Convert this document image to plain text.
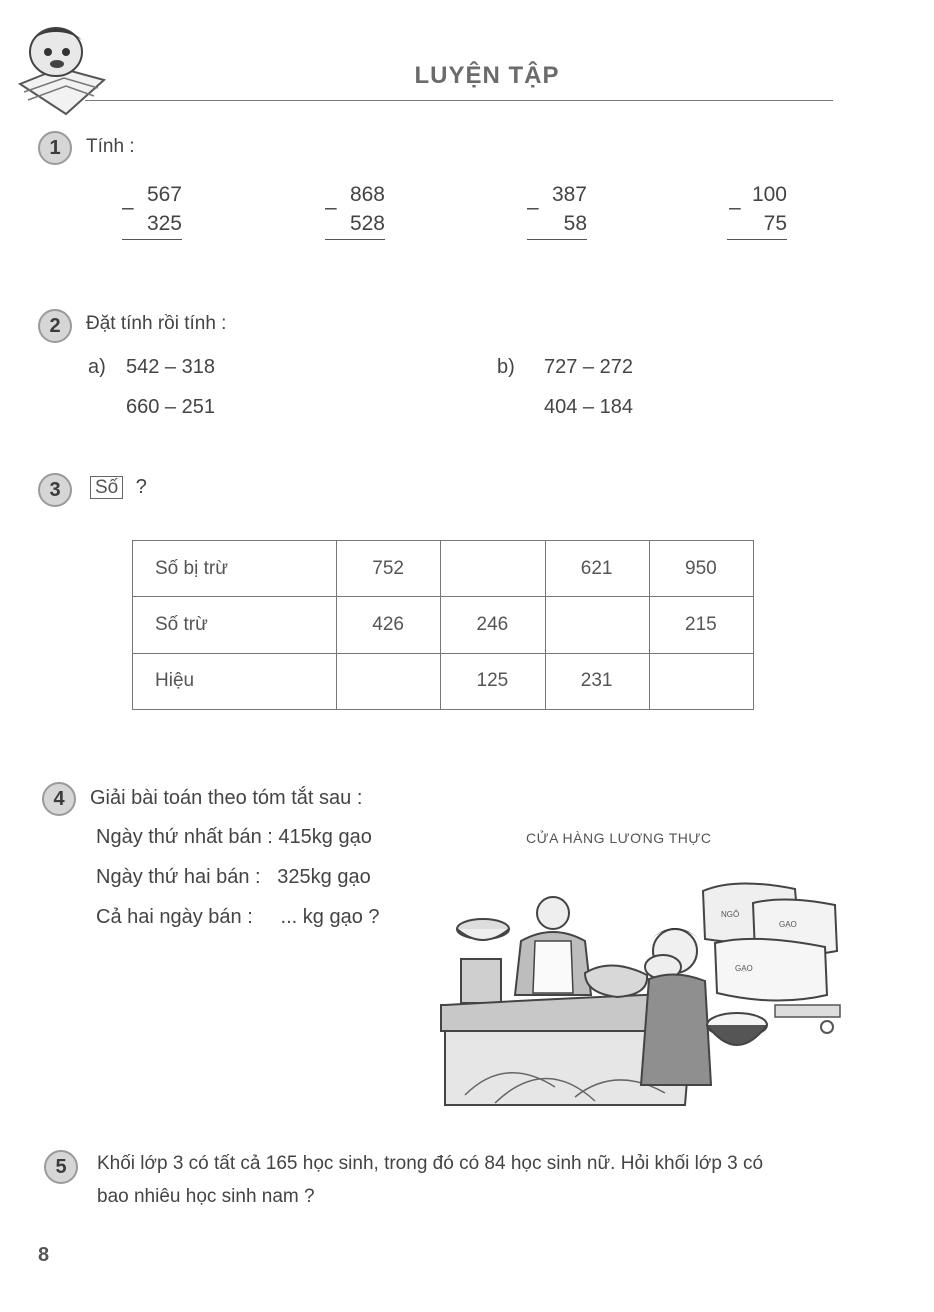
LUYỆN TẬP
1	Tính :
–
567
325
–
868
528
–
387
58
–
100
75
2	Đặt tính rồi tính :
a) 542 – 318
660 – 251
b) 727 – 272
404 – 184
3	Số ?
Số bị trừ	752		621	950
Số trừ	426	246		215
Hiệu		125	231	
4	Giải bài toán theo tóm tắt sau :
Ngày thứ nhất bán : 415kg gạo
Ngày thứ hai bán :   325kg gạo
Cả hai ngày bán :     ... kg gạo ?
CỬA HÀNG LƯƠNG THỰC
NGÔ
GẠO
GẠO
5	Khối lớp 3 có tất cả 165 học sinh, trong đó có 84 học sinh nữ. Hỏi khối lớp 3 có
bao nhiêu học sinh nam ?
8
